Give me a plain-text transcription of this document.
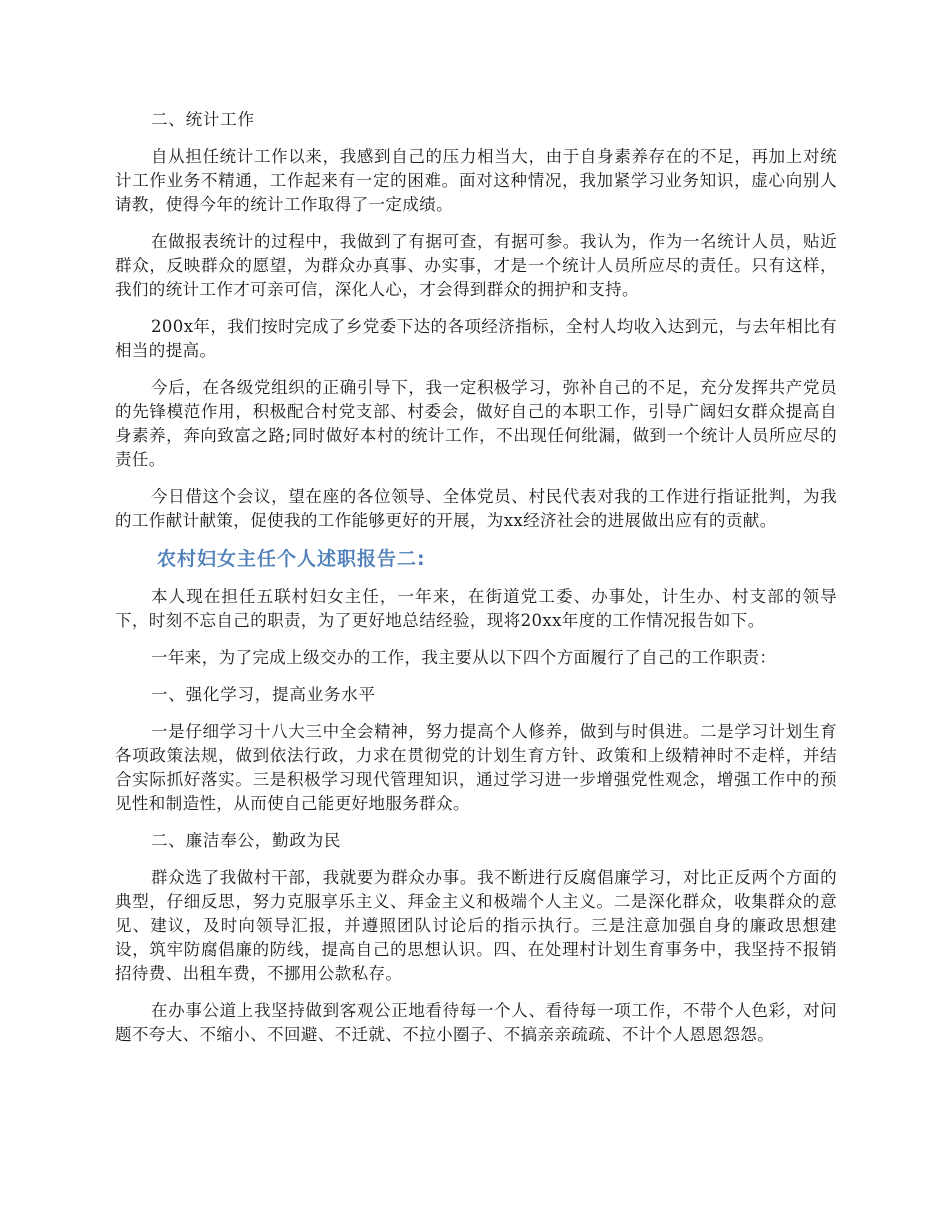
二、统计工作

自从担任统计工作以来，我感到自己的压力相当大，由于自身素养存在的不足，再加上对统计工作业务不精通，工作起来有一定的困难。面对这种情况，我加紧学习业务知识，虚心向别人请教，使得今年的统计工作取得了一定成绩。

在做报表统计的过程中，我做到了有据可查，有据可参。我认为，作为一名统计人员，贴近群众，反映群众的愿望，为群众办真事、办实事，才是一个统计人员所应尽的责任。只有这样，我们的统计工作才可亲可信，深化人心，才会得到群众的拥护和支持。

200x年，我们按时完成了乡党委下达的各项经济指标，全村人均收入达到元，与去年相比有相当的提高。

今后，在各级党组织的正确引导下，我一定积极学习，弥补自己的不足，充分发挥共产党员的先锋模范作用，积极配合村党支部、村委会，做好自己的本职工作，引导广阔妇女群众提高自身素养，奔向致富之路;同时做好本村的统计工作，不出现任何纰漏，做到一个统计人员所应尽的责任。

今日借这个会议，望在座的各位领导、全体党员、村民代表对我的工作进行指证批判，为我的工作献计献策，促使我的工作能够更好的开展，为xx经济社会的进展做出应有的贡献。

农村妇女主任个人述职报告二:

本人现在担任五联村妇女主任，一年来，在街道党工委、办事处，计生办、村支部的领导下，时刻不忘自己的职责，为了更好地总结经验，现将20xx年度的工作情况报告如下。

一年来，为了完成上级交办的工作，我主要从以下四个方面履行了自己的工作职责：

一、强化学习，提高业务水平

一是仔细学习十八大三中全会精神，努力提高个人修养，做到与时俱进。二是学习计划生育各项政策法规，做到依法行政，力求在贯彻党的计划生育方针、政策和上级精神时不走样，并结合实际抓好落实。三是积极学习现代管理知识，通过学习进一步增强党性观念，增强工作中的预见性和制造性，从而使自己能更好地服务群众。

二、廉洁奉公，勤政为民

群众选了我做村干部，我就要为群众办事。我不断进行反腐倡廉学习，对比正反两个方面的典型，仔细反思，努力克服享乐主义、拜金主义和极端个人主义。二是深化群众，收集群众的意见、建议，及时向领导汇报，并遵照团队讨论后的指示执行。三是注意加强自身的廉政思想建设，筑牢防腐倡廉的防线，提高自己的思想认识。四、在处理村计划生育事务中，我坚持不报销招待费、出租车费，不挪用公款私存。

在办事公道上我坚持做到客观公正地看待每一个人、看待每一项工作，不带个人色彩，对问题不夸大、不缩小、不回避、不迁就、不拉小圈子、不搞亲亲疏疏、不计个人恩恩怨怨。
